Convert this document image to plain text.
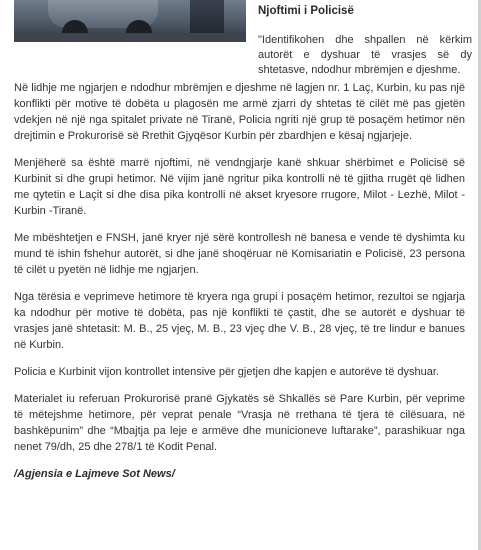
Njoftimi i Policisë

"Identifikohen dhe shpallen në kërkim autorët e dyshuar të vrasjes së dy shtetasve, ndodhur mbrëmjen e djeshme.

Në lidhje me ngjarjen e ndodhur mbrëmjen e djeshme në lagjen nr. 1 Laç, Kurbin, ku pas një konflikti për motive të dobëta u plagosën me armë zjarri dy shtetas të cilët më pas gjetën vdekjen në një nga spitalet private në Tiranë, Policia ngriti një grup të posaçëm hetimor nën drejtimin e Prokurorisë së Rrethit Gjyqësor Kurbin për zbardhjen e kësaj ngjarjeje.

Menjëherë sa është marrë njoftimi, në vendngjarje kanë shkuar shërbimet e Policisë së Kurbinit si dhe grupi hetimor. Në vijim janë ngritur pika kontrolli në të gjitha rrugët që lidhen me qytetin e Laçit si dhe disa pika kontrolli në akset kryesore rrugore, Milot - Lezhë, Milot -Kurbin -Tiranë.

Me mbështetjen e FNSH, janë kryer një sërë kontrollesh në banesa e vende të dyshimta ku mund të ishin fshehur autorët, si dhe janë shoqëruar në Komisariatin e Policisë, 23 persona të cilët u pyetën në lidhje me ngjarjen.

Nga tërësia e veprimeve hetimore të kryera nga grupi i posaçëm hetimor, rezultoi se ngjarja ka ndodhur për motive të dobëta, pas një konflikti të çastit, dhe se autorët e dyshuar të vrasjes janë shtetasit: M. B., 25 vjeç, M. B., 23 vjeç dhe V. B., 28 vjeç, të tre lindur e banues në Kurbin.

Policia e Kurbinit vijon kontrollet intensive për gjetjen dhe kapjen e autorëve të dyshuar.

Materialet iu referuan Prokurorisë pranë Gjykatës së Shkallës së Pare Kurbin, për veprime të mëtejshme hetimore, për veprat penale “Vrasja në rrethana të tjera të cilësuara, në bashkëpunim” dhe “Mbajtja pa leje e armëve dhe municioneve luftarake”, parashikuar nga nenet 79/dh, 25 dhe 278/1 të Kodit Penal.

/Agjensia e Lajmeve Sot News/
